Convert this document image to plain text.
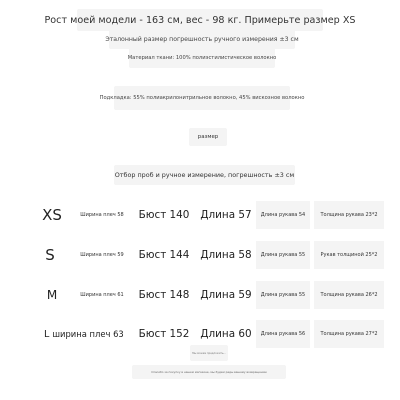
Рост моей модели - 163 см, вес - 98 кг. Примерьте размер XS
Эталонный размер погрешность ручного измерения ±3 см
Материал ткани: 100% полиэстилистическое волокно
Подкладка: 55% полиакрилонитрильное волокно, 45% вискозное волокно
размер
Отбор проб и ручное измерение, погрешность ±3 см
XS	Ширина плеч 58	Бюст 140	Длина 57	Длина рукава 54	Толщина рукава 23*2
S	Ширина плеч 59	Бюст 144	Длина 58	Длина рукава 55	Рукав толщиной 25*2
M	Ширина плеч 61	Бюст 148	Длина 59	Длина рукава 55	Толщина рукава 26*2
L ширина плеч 63	Бюст 152	Длина 60	Длина рукава 56	Толщина рукава 27*2
Мы можем предложить...
Спасибо за покупку в нашем магазине, мы будем рады вашему возвращению
